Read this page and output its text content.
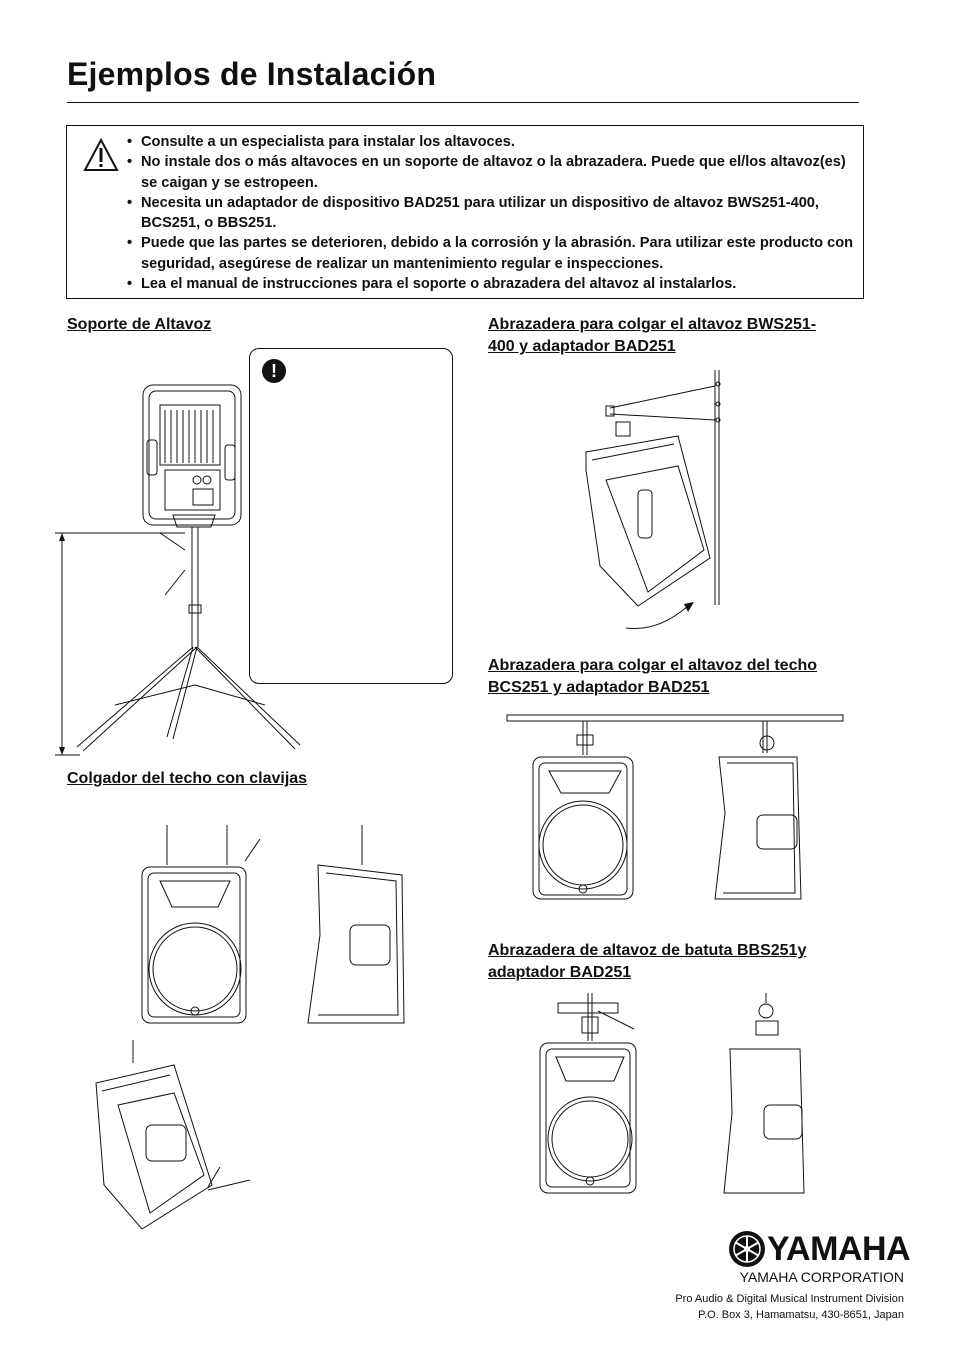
Ejemplos de Instalación
• Consulte a un especialista para instalar los altavoces.
• No instale dos o más altavoces en un soporte de altavoz o la abrazadera. Puede que el/los altavoz(es) se caigan y se estropeen.
• Necesita un adaptador de dispositivo BAD251 para utilizar un dispositivo de altavoz BWS251-400, BCS251, o BBS251.
• Puede que las partes se deterioren, debido a la corrosión y la abrasión. Para utilizar este producto con seguridad, asegúrese de realizar un mantenimiento regular e inspecciones.
• Lea el manual de instrucciones para el soporte o abrazadera del altavoz al instalarlos.
Soporte de Altavoz
Colgador del techo con clavijas
Abrazadera para colgar el altavoz BWS251-400 y adaptador BAD251
Abrazadera para colgar el altavoz del techo BCS251 y adaptador BAD251
Abrazadera de altavoz de batuta BBS251y adaptador BAD251
!
YAMAHA
YAMAHA CORPORATION
Pro Audio & Digital Musical Instrument Division
P.O. Box 3, Hamamatsu, 430-8651, Japan
